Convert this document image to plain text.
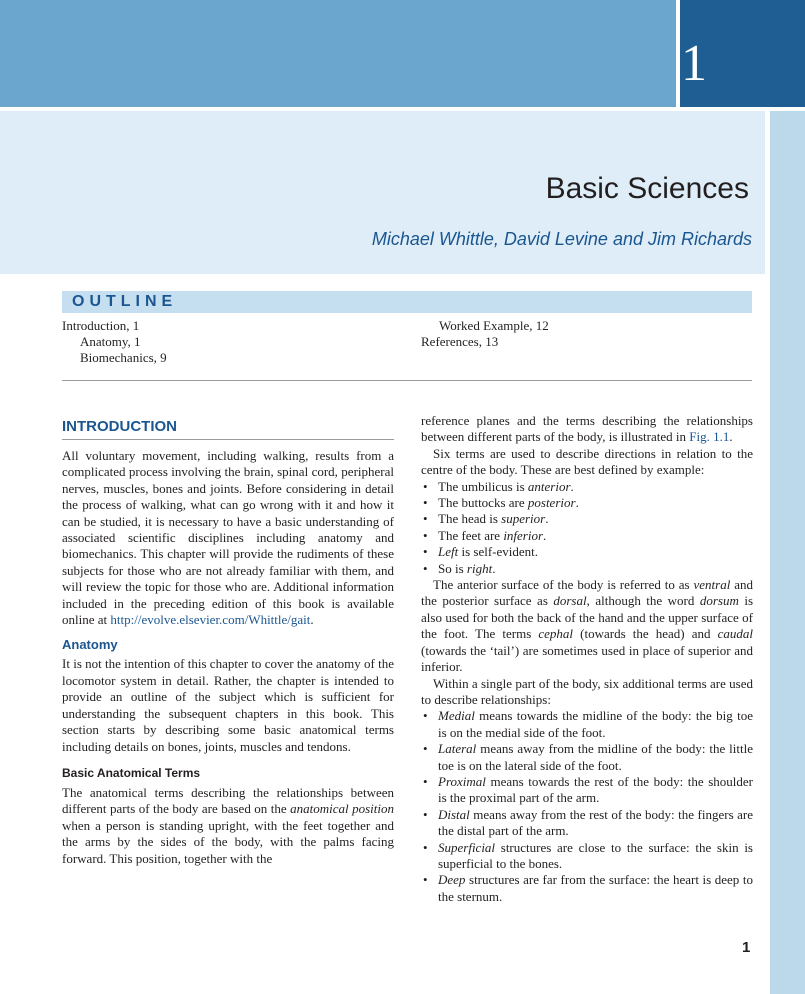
1
Basic Sciences
Michael Whittle, David Levine and Jim Richards
OUTLINE
Introduction, 1
Anatomy, 1
Biomechanics, 9
Worked Example, 12
References, 13
INTRODUCTION

All voluntary movement, including walking, results from a complicated process involving the brain, spinal cord, peripheral nerves, muscles, bones and joints. Before considering in detail the process of walking, what can go wrong with it and how it can be studied, it is necessary to have a basic understanding of associated scientific disciplines including anatomy and biomechanics. This chapter will provide the rudiments of these subjects for those who are not already familiar with them, and will review the topic for those who are. Additional information included in the preceding edition of this book is available online at http://evolve.elsevier.com/Whittle/gait.

Anatomy

It is not the intention of this chapter to cover the anatomy of the locomotor system in detail. Rather, the chapter is intended to provide an outline of the subject which is sufficient for understanding the subsequent chapters in this book. This section starts by describing some basic anatomical terms including details on bones, joints, muscles and tendons.

Basic Anatomical Terms

The anatomical terms describing the relationships between different parts of the body are based on the anatomical position when a person is standing upright, with the feet together and the arms by the sides of the body, with the palms facing forward. This position, together with the

reference planes and the terms describing the relationships between different parts of the body, is illustrated in Fig. 1.1.

Six terms are used to describe directions in relation to the centre of the body. These are best defined by example:

• The umbilicus is anterior.
• The buttocks are posterior.
• The head is superior.
• The feet are inferior.
• Left is self-evident.
• So is right.

The anterior surface of the body is referred to as ventral and the posterior surface as dorsal, although the word dorsum is also used for both the back of the hand and the upper surface of the foot. The terms cephal (towards the head) and caudal (towards the ‘tail’) are sometimes used in place of superior and inferior.

Within a single part of the body, six additional terms are used to describe relationships:

• Medial means towards the midline of the body: the big toe is on the medial side of the foot.
• Lateral means away from the midline of the body: the little toe is on the lateral side of the foot.
• Proximal means towards the rest of the body: the shoulder is the proximal part of the arm.
• Distal means away from the rest of the body: the fingers are the distal part of the arm.
• Superficial structures are close to the surface: the skin is superficial to the bones.
• Deep structures are far from the surface: the heart is deep to the sternum.
1
